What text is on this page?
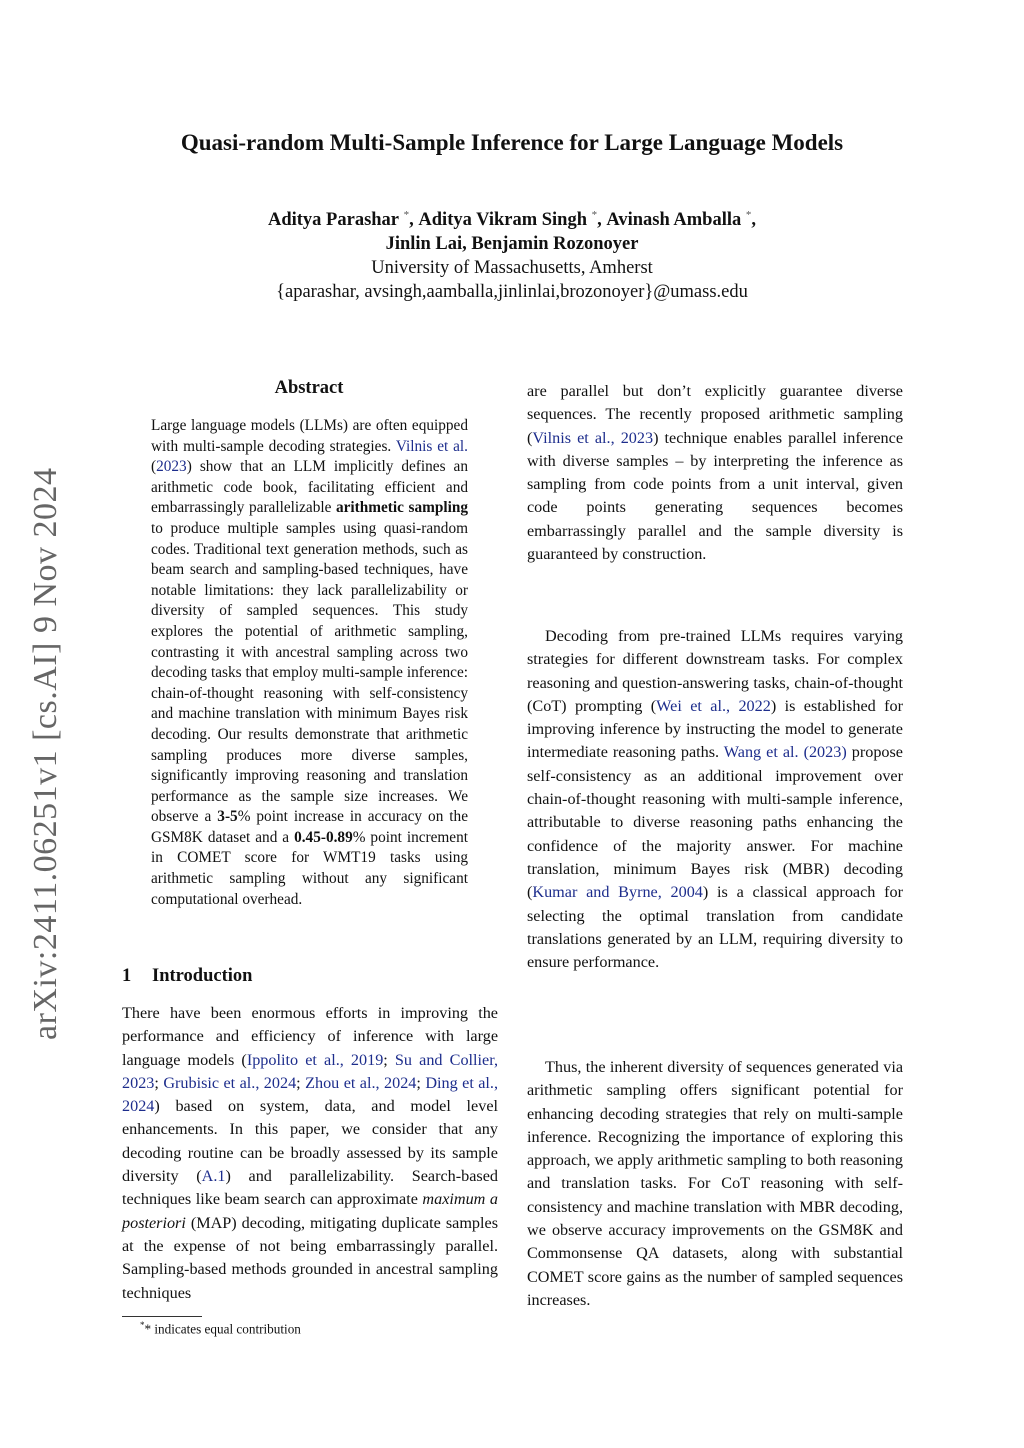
Quasi-random Multi-Sample Inference for Large Language Models
Aditya Parashar *, Aditya Vikram Singh *, Avinash Amballa *,
Jinlin Lai, Benjamin Rozonoyer
University of Massachusetts, Amherst
{aparashar, avsingh,aamballa,jinlinlai,brozonoyer}@umass.edu
arXiv:2411.06251v1 [cs.AI] 9 Nov 2024
Abstract
Large language models (LLMs) are often equipped with multi-sample decoding strategies. Vilnis et al. (2023) show that an LLM implicitly defines an arithmetic code book, facilitating efficient and embarrassingly parallelizable arithmetic sampling to produce multiple samples using quasi-random codes. Traditional text generation methods, such as beam search and sampling-based techniques, have notable limitations: they lack parallelizability or diversity of sampled sequences. This study explores the potential of arithmetic sampling, contrasting it with ancestral sampling across two decoding tasks that employ multi-sample inference: chain-of-thought reasoning with self-consistency and machine translation with minimum Bayes risk decoding. Our results demonstrate that arithmetic sampling produces more diverse samples, significantly improving reasoning and translation performance as the sample size increases. We observe a 3-5% point increase in accuracy on the GSM8K dataset and a 0.45-0.89% point increment in COMET score for WMT19 tasks using arithmetic sampling without any significant computational overhead.
1 Introduction

There have been enormous efforts in improving the performance and efficiency of inference with large language models (Ippolito et al., 2019; Su and Collier, 2023; Grubisic et al., 2024; Zhou et al., 2024; Ding et al., 2024) based on system, data, and model level enhancements. In this paper, we consider that any decoding routine can be broadly assessed by its sample diversity (A.1) and parallelizability. Search-based techniques like beam search can approximate maximum a posteriori (MAP) decoding, mitigating duplicate samples at the expense of not being embarrassingly parallel. Sampling-based methods grounded in ancestral sampling techniques

are parallel but don’t explicitly guarantee diverse sequences. The recently proposed arithmetic sampling (Vilnis et al., 2023) technique enables parallel inference with diverse samples – by interpreting the inference as sampling from code points from a unit interval, given code points generating sequences becomes embarrassingly parallel and the sample diversity is guaranteed by construction.

Decoding from pre-trained LLMs requires varying strategies for different downstream tasks. For complex reasoning and question-answering tasks, chain-of-thought (CoT) prompting (Wei et al., 2022) is established for improving inference by instructing the model to generate intermediate reasoning paths. Wang et al. (2023) propose self-consistency as an additional improvement over chain-of-thought reasoning with multi-sample inference, attributable to diverse reasoning paths enhancing the confidence of the majority answer. For machine translation, minimum Bayes risk (MBR) decoding (Kumar and Byrne, 2004) is a classical approach for selecting the optimal translation from candidate translations generated by an LLM, requiring diversity to ensure performance.

Thus, the inherent diversity of sequences generated via arithmetic sampling offers significant potential for enhancing decoding strategies that rely on multi-sample inference. Recognizing the importance of exploring this approach, we apply arithmetic sampling to both reasoning and translation tasks. For CoT reasoning with self-consistency and machine translation with MBR decoding, we observe accuracy improvements on the GSM8K and Commonsense QA datasets, along with substantial COMET score gains as the number of sampled sequences increases.

** indicates equal contribution
